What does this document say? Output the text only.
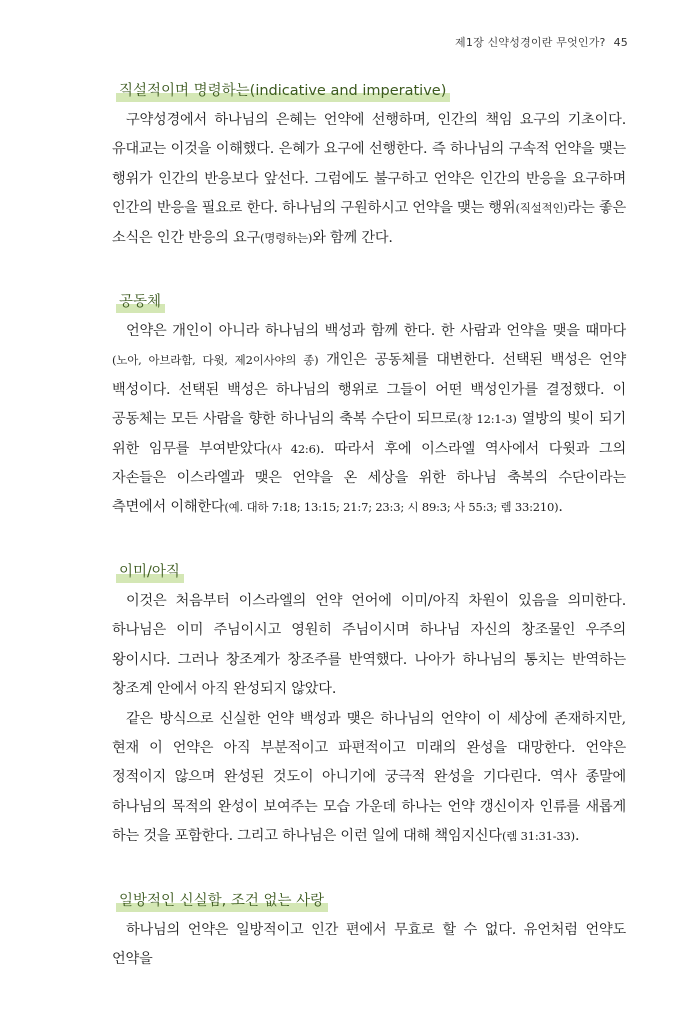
제1장 신약성경이란 무엇인가? 45
직설적이며 명령하는(indicative and imperative)

구약성경에서 하나님의 은혜는 언약에 선행하며, 인간의 책임 요구의 기초이다. 유대교는 이것을 이해했다. 은혜가 요구에 선행한다. 즉 하나님의 구속적 언약을 맺는 행위가 인간의 반응보다 앞선다. 그럼에도 불구하고 언약은 인간의 반응을 요구하며 인간의 반응을 필요로 한다. 하나님의 구원하시고 언약을 맺는 행위(직설적인)라는 좋은 소식은 인간 반응의 요구(명령하는)와 함께 간다.

공동체

언약은 개인이 아니라 하나님의 백성과 함께 한다. 한 사람과 언약을 맺을 때마다(노아, 아브라함, 다윗, 제2이사야의 종) 개인은 공동체를 대변한다. 선택된 백성은 언약 백성이다. 선택된 백성은 하나님의 행위로 그들이 어떤 백성인가를 결정했다. 이 공동체는 모든 사람을 향한 하나님의 축복 수단이 되므로(창 12:1-3) 열방의 빛이 되기 위한 임무를 부여받았다(사 42:6). 따라서 후에 이스라엘 역사에서 다윗과 그의 자손들은 이스라엘과 맺은 언약을 온 세상을 위한 하나님 축복의 수단이라는 측면에서 이해한다(예. 대하 7:18; 13:15; 21:7; 23:3; 시 89:3; 사 55:3; 렘 33:210).

이미/아직

이것은 처음부터 이스라엘의 언약 언어에 이미/아직 차원이 있음을 의미한다. 하나님은 이미 주님이시고 영원히 주님이시며 하나님 자신의 창조물인 우주의 왕이시다. 그러나 창조계가 창조주를 반역했다. 나아가 하나님의 통치는 반역하는 창조계 안에서 아직 완성되지 않았다.

같은 방식으로 신실한 언약 백성과 맺은 하나님의 언약이 이 세상에 존재하지만, 현재 이 언약은 아직 부분적이고 파편적이고 미래의 완성을 대망한다. 언약은 정적이지 않으며 완성된 것도이 아니기에 궁극적 완성을 기다린다. 역사 종말에 하나님의 목적의 완성이 보여주는 모습 가운데 하나는 언약 갱신이자 인류를 새롭게 하는 것을 포함한다. 그리고 하나님은 이런 일에 대해 책임지신다(렘 31:31-33).

일방적인 신실함, 조건 없는 사랑

하나님의 언약은 일방적이고 인간 편에서 무효로 할 수 없다. 유언처럼 언약도 언약을
